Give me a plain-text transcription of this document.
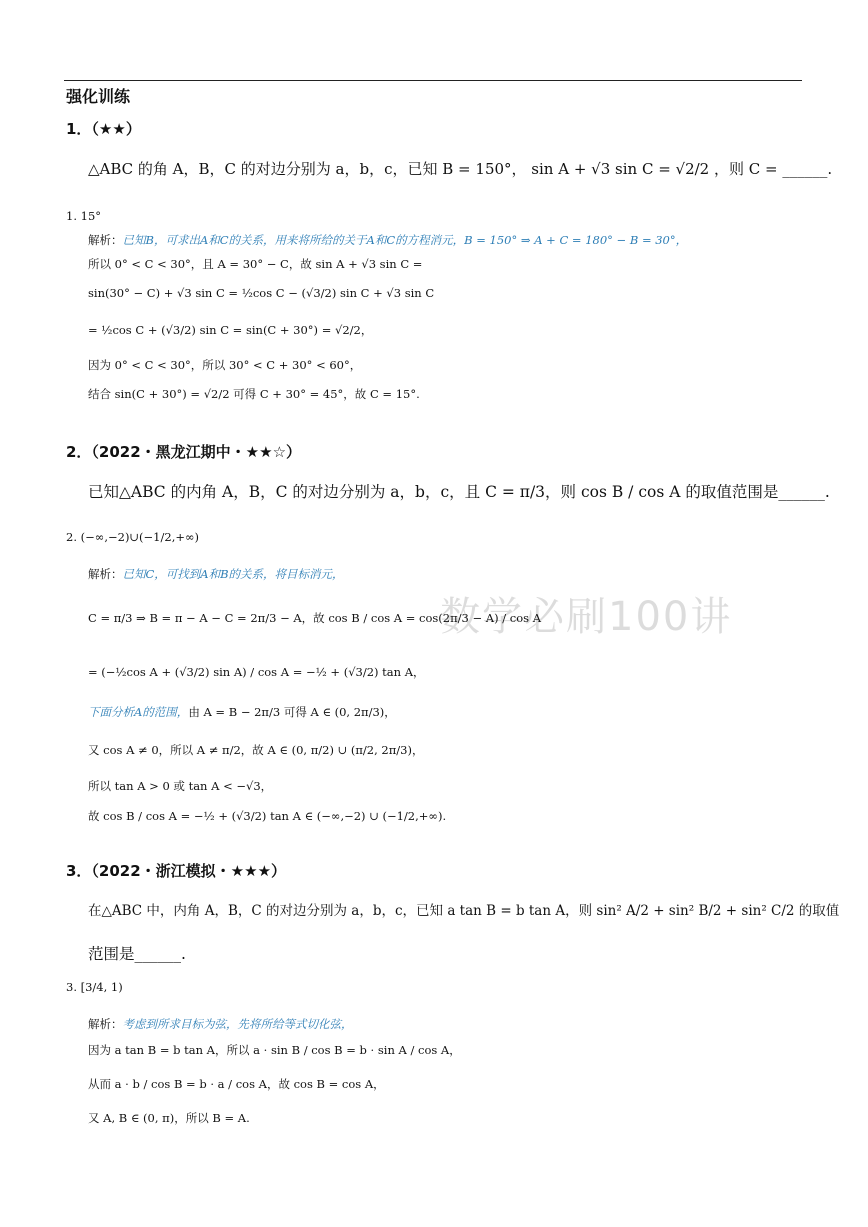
强化训练
数学必刷100讲
1．（★★）
△ABC 的角 A，B，C 的对边分别为 a，b，c，已知 B = 150°， sin A + √3 sin C = √2/2 ，则 C = ______.
1. 15°
解析：已知B，可求出A和C的关系，用来将所给的关于A和C的方程消元，B = 150° ⇒ A + C = 180° − B = 30°，
所以 0° < C < 30°，且 A = 30° − C，故 sin A + √3 sin C =
sin(30° − C) + √3 sin C = ½cos C − (√3/2) sin C + √3 sin C
= ½cos C + (√3/2) sin C = sin(C + 30°) = √2/2，
因为 0° < C < 30°，所以 30° < C + 30° < 60°，
结合 sin(C + 30°) = √2/2 可得 C + 30° = 45°，故 C = 15°.
2．（2022・黑龙江期中・★★☆）
已知△ABC 的内角 A，B，C 的对边分别为 a，b，c，且 C = π/3，则 cos B / cos A 的取值范围是______.
2. (−∞,−2)∪(−1/2,+∞)
解析：已知C，可找到A和B的关系，将目标消元，
C = π/3 ⇒ B = π − A − C = 2π/3 − A，故 cos B / cos A = cos(2π/3 − A) / cos A
= (−½cos A + (√3/2) sin A) / cos A = −½ + (√3/2) tan A，
下面分析A的范围，由 A = B − 2π/3 可得 A ∈ (0, 2π/3)，
又 cos A ≠ 0，所以 A ≠ π/2，故 A ∈ (0, π/2) ∪ (π/2, 2π/3)，
所以 tan A > 0 或 tan A < −√3，
故 cos B / cos A = −½ + (√3/2) tan A ∈ (−∞,−2) ∪ (−1/2,+∞).
3．（2022・浙江模拟・★★★）
在△ABC 中，内角 A，B，C 的对边分别为 a，b，c，已知 a tan B = b tan A，则 sin² A/2 + sin² B/2 + sin² C/2 的取值
范围是______.
3. [3/4, 1)
解析：考虑到所求目标为弦，先将所给等式切化弦，
因为 a tan B = b tan A，所以 a · sin B / cos B = b · sin A / cos A，
从而 a · b / cos B = b · a / cos A，故 cos B = cos A，
又 A, B ∈ (0, π)，所以 B = A.
